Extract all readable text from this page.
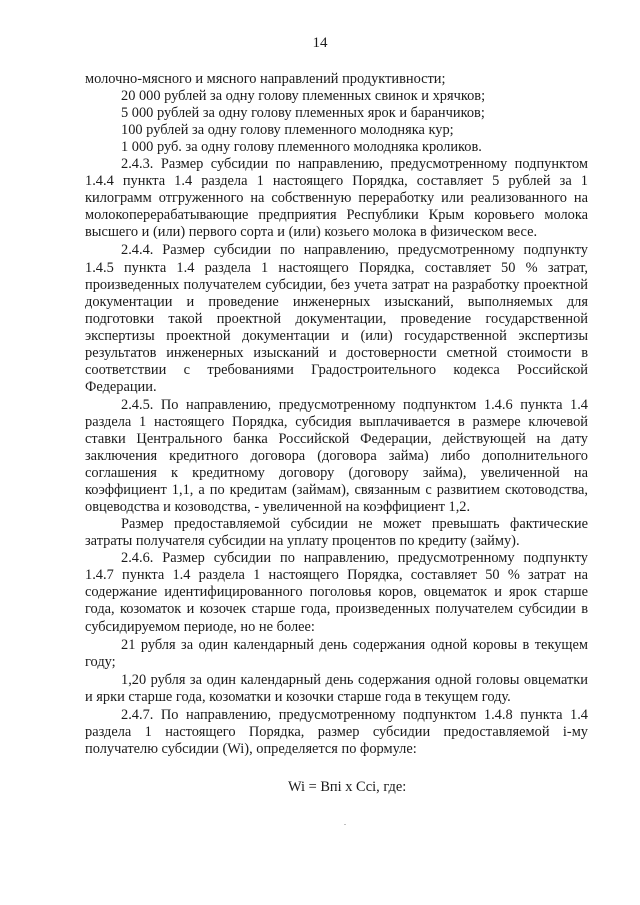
14

молочно-мясного и мясного направлений продуктивности;

20 000 рублей за одну голову племенных свинок и хрячков;

5 000 рублей за одну голову племенных ярок и баранчиков;

100 рублей за одну голову племенного молодняка кур;

1 000 руб. за одну голову племенного молодняка кроликов.

2.4.3. Размер субсидии по направлению, предусмотренному подпунктом 1.4.4 пункта 1.4 раздела 1 настоящего Порядка, составляет 5 рублей за 1 килограмм отгруженного на собственную переработку или реализованного на молокоперерабатывающие предприятия Республики Крым коровьего молока высшего и (или) первого сорта и (или) козьего молока в физическом весе.

2.4.4. Размер субсидии по направлению, предусмотренному подпункту 1.4.5 пункта 1.4 раздела 1 настоящего Порядка, составляет 50 % затрат, произведенных получателем субсидии, без учета затрат на разработку проектной документации и проведение инженерных изысканий, выполняемых для подготовки такой проектной документации, проведение государственной экспертизы проектной документации и (или) государственной экспертизы результатов инженерных изысканий и достоверности сметной стоимости в соответствии с требованиями Градостроительного кодекса Российской Федерации.

2.4.5. По направлению, предусмотренному подпунктом 1.4.6 пункта 1.4 раздела 1 настоящего Порядка, субсидия выплачивается в размере ключевой ставки Центрального банка Российской Федерации, действующей на дату заключения кредитного договора (договора займа) либо дополнительного соглашения к кредитному договору (договору займа), увеличенной на коэффициент 1,1, а по кредитам (займам), связанным с развитием скотоводства, овцеводства и козоводства, - увеличенной на коэффициент 1,2.

Размер предоставляемой субсидии не может превышать фактические затраты получателя субсидии на уплату процентов по кредиту (займу).

2.4.6. Размер субсидии по направлению, предусмотренному подпункту 1.4.7 пункта 1.4 раздела 1 настоящего Порядка, составляет 50 % затрат на содержание идентифицированного поголовья коров, овцематок и ярок старше года, козоматок и козочек старше года, произведенных получателем субсидии в субсидируемом периоде, но не более:

21 рубля за один календарный день содержания одной коровы в текущем году;

1,20 рубля за один календарный день содержания одной головы овцематки и ярки старше года, козоматки и козочки старше года в текущем году.

2.4.7. По направлению, предусмотренному подпунктом 1.4.8 пункта 1.4 раздела 1 настоящего Порядка, размер субсидии предоставляемой i-му получателю субсидии (Wi), определяется по формуле:

Wi = Впi х Ссi, где:
